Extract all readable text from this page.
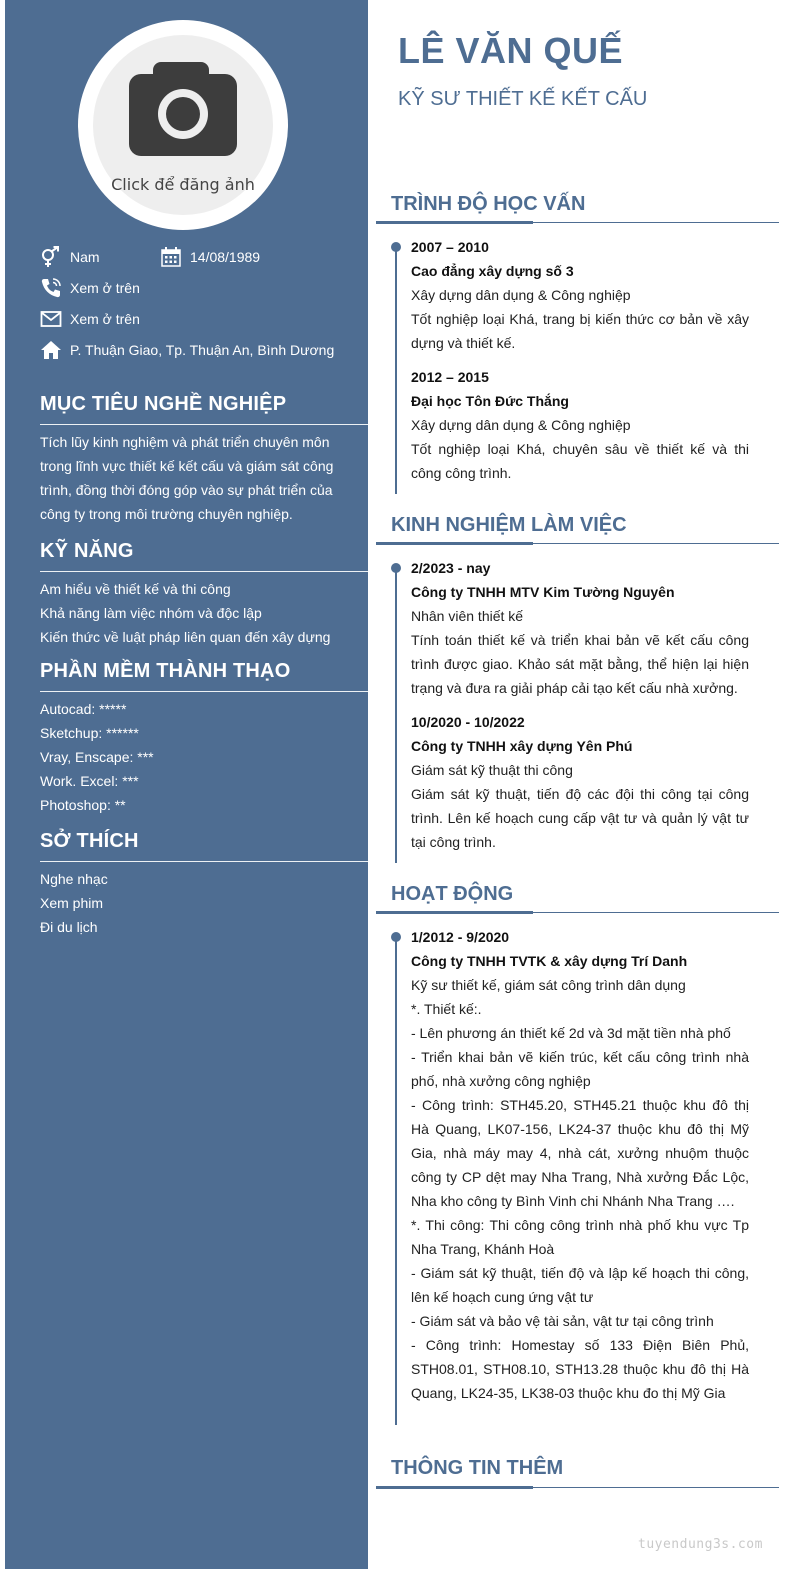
Click để đăng ảnh
Nam	14/08/1989
Xem ở trên
Xem ở trên
P. Thuận Giao, Tp. Thuận An, Bình Dương
MỤC TIÊU NGHỀ NGHIỆP

Tích lũy kinh nghiệm và phát triển chuyên môn trong lĩnh vực thiết kế kết cấu và giám sát công trình, đồng thời đóng góp vào sự phát triển của công ty trong môi trường chuyên nghiệp.

KỸ NĂNG
Am hiểu về thiết kế và thi công
Khả năng làm việc nhóm và độc lập
Kiến thức về luật pháp liên quan đến xây dựng
PHẦN MỀM THÀNH THẠO
Autocad: *****
Sketchup: ******
Vray, Enscape: ***
Work. Excel: ***
Photoshop: **
SỞ THÍCH
Nghe nhạc
Xem phim
Đi du lịch
LÊ VĂN QUẾ
KỸ SƯ THIẾT KẾ KẾT CẤU
TRÌNH ĐỘ HỌC VẤN

2007 – 2010

Cao đẳng xây dựng số 3

Xây dựng dân dụng & Công nghiệp

Tốt nghiệp loại Khá, trang bị kiến thức cơ bản về xây dựng và thiết kế.

2012 – 2015

Đại học Tôn Đức Thắng

Xây dựng dân dụng & Công nghiệp

Tốt nghiệp loại Khá, chuyên sâu về thiết kế và thi công công trình.

KINH NGHIỆM LÀM VIỆC

2/2023 - nay

Công ty TNHH MTV Kim Tường Nguyên

Nhân viên thiết kế

Tính toán thiết kế và triển khai bản vẽ kết cấu công trình được giao. Khảo sát mặt bằng, thể hiện lại hiện trạng và đưa ra giải pháp cải tạo kết cấu nhà xưởng.

10/2020 - 10/2022

Công ty TNHH xây dựng Yên Phú

Giám sát kỹ thuật thi công

Giám sát kỹ thuật, tiến độ các đội thi công tại công trình. Lên kế hoạch cung cấp vật tư và quản lý vật tư tại công trình.

HOẠT ĐỘNG

1/2012 - 9/2020

Công ty TNHH TVTK & xây dựng Trí Danh

Kỹ sư thiết kế, giám sát công trình dân dụng

*. Thiết kế:.

- Lên phương án thiết kế 2d và 3d mặt tiền nhà phố

- Triển khai bản vẽ kiến trúc, kết cấu công trình nhà phố, nhà xưởng công nghiệp

- Công trình: STH45.20, STH45.21 thuộc khu đô thị Hà Quang, LK07-156, LK24-37 thuộc khu đô thị Mỹ Gia, nhà máy may 4, nhà cát, xưởng nhuộm thuộc công ty CP dệt may Nha Trang, Nhà xưởng Đắc Lộc, Nha kho công ty Bình Vinh chi Nhánh Nha Trang ….

*. Thi công: Thi công công trình nhà phố khu vực Tp Nha Trang, Khánh Hoà

- Giám sát kỹ thuật, tiến độ và lập kế hoạch thi công, lên kế hoạch cung ứng vật tư

- Giám sát và bảo vệ tài sản, vật tư tại công trình

- Công trình: Homestay số 133 Điện Biên Phủ, STH08.01, STH08.10, STH13.28 thuộc khu đô thị Hà Quang, LK24-35, LK38-03 thuộc khu đo thị Mỹ Gia

THÔNG TIN THÊM
tuyendung3s.com
